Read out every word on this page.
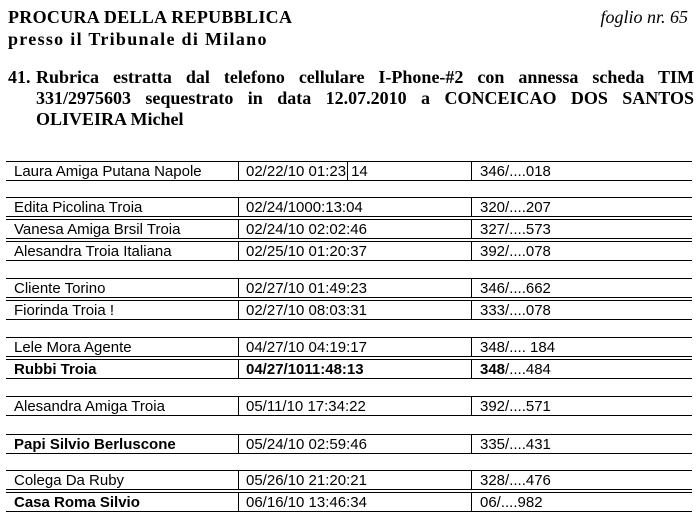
PROCURA DELLA REPUBBLICA
presso il Tribunale di Milano
foglio nr. 65
41. Rubrica estratta dal telefono cellulare I-Phone-#2 con annessa scheda TIM 331/2975603 sequestrato in data 12.07.2010 a CONCEICAO DOS SANTOS OLIVEIRA Michel
Laura Amiga Putana Napole	02/22/10 01:23 14	346/....018
Edita Picolina Troia	02/24/1000:13:04	320/....207
Vanesa Amiga Brsil Troia	02/24/10 02:02:46	327/....573
Alesandra Troia Italiana	02/25/10 01:20:37	392/....078
Cliente Torino	02/27/10 01:49:23	346/....662
Fiorinda Troia !	02/27/10 08:03:31	333/....078
Lele Mora Agente	04/27/10 04:19:17	348/.... 184
Rubbi Troia	04/27/1011:48:13	348/....484
Alesandra Amiga Troia	05/11/10 17:34:22	392/....571
Papi Silvio Berluscone	05/24/10 02:59:46	335/....431
Colega Da Ruby	05/26/10 21:20:21	328/....476
Casa Roma Silvio	06/16/10 13:46:34	06/....982
